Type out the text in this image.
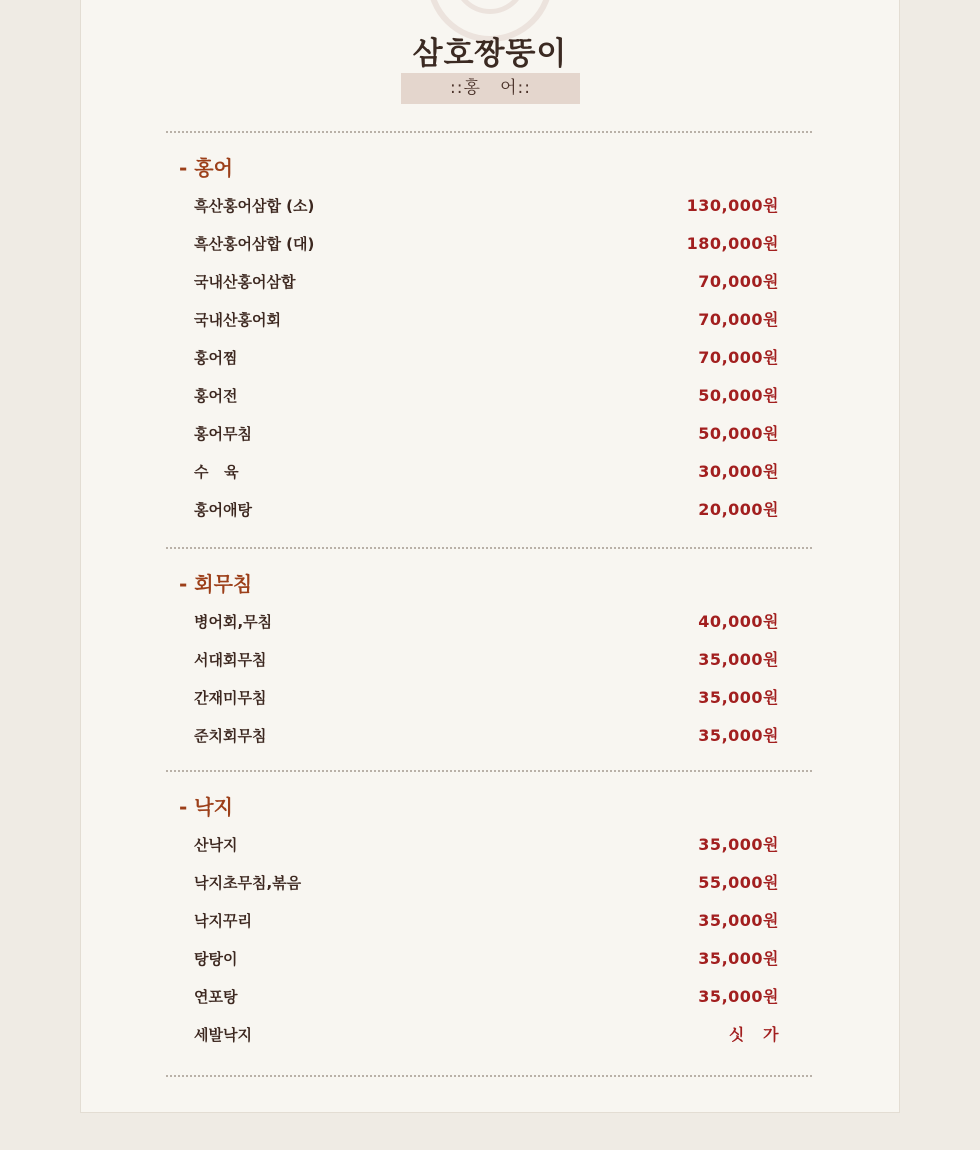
삼호짱뚱이
::홍   어::
- 홍어
흑산홍어삼합 (소)	130,000원
흑산홍어삼합 (대)	180,000원
국내산홍어삼합	70,000원
국내산홍어회	70,000원
홍어찜	70,000원
홍어전	50,000원
홍어무침	50,000원
수   육	30,000원
홍어애탕	20,000원
- 회무침
병어회,무침	40,000원
서대회무침	35,000원
간재미무침	35,000원
준치회무침	35,000원
- 낙지
산낙지	35,000원
낙지초무침,볶음	55,000원
낙지꾸리	35,000원
탕탕이	35,000원
연포탕	35,000원
세발낙지	싯   가
